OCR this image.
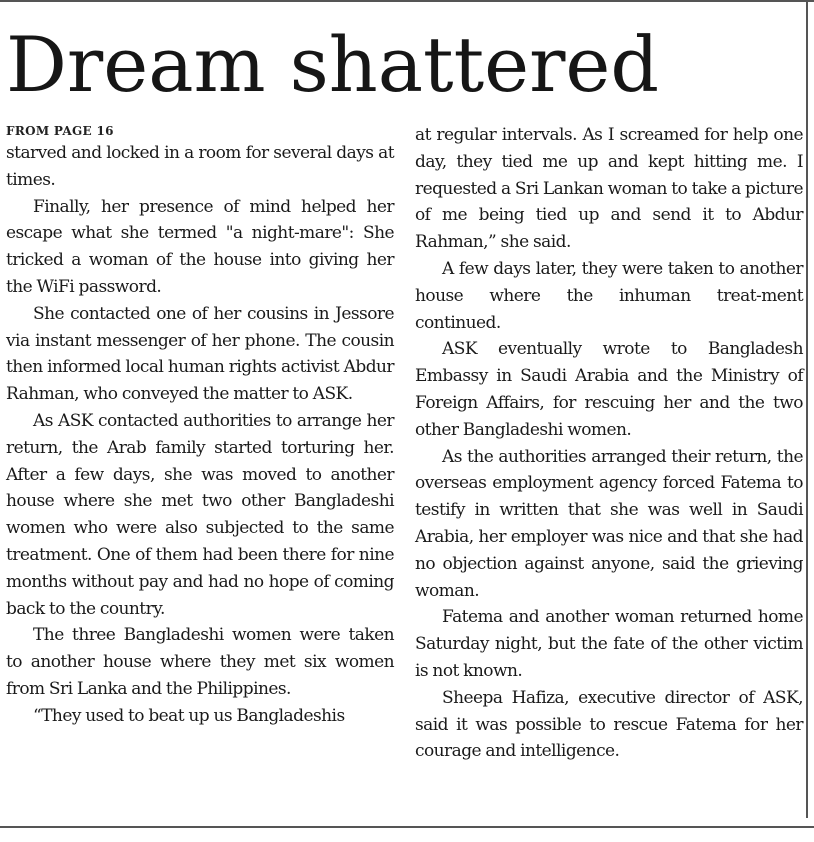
Dream shattered
FROM PAGE 16

starved and locked in a room for several days at times.

Finally, her presence of mind helped her escape what she termed "a night-mare": She tricked a woman of the house into giving her the WiFi password.

She contacted one of her cousins in Jessore via instant messenger of her phone. The cousin then informed local human rights activist Abdur Rahman, who conveyed the matter to ASK.

As ASK contacted authorities to arrange her return, the Arab family started torturing her. After a few days, she was moved to another house where she met two other Bangladeshi women who were also subjected to the same treatment. One of them had been there for nine months without pay and had no hope of coming back to the country.

The three Bangladeshi women were taken to another house where they met six women from Sri Lanka and the Philippines.

“They used to beat up us Bangladeshis

at regular intervals. As I screamed for help one day, they tied me up and kept hitting me. I requested a Sri Lankan woman to take a picture of me being tied up and send it to Abdur Rahman,” she said.

A few days later, they were taken to another house where the inhuman treat-ment continued.

ASK eventually wrote to Bangladesh Embassy in Saudi Arabia and the Ministry of Foreign Affairs, for rescuing her and the two other Bangladeshi women.

As the authorities arranged their return, the overseas employment agency forced Fatema to testify in written that she was well in Saudi Arabia, her employer was nice and that she had no objection against anyone, said the grieving woman.

Fatema and another woman returned home Saturday night, but the fate of the other victim is not known.

Sheepa Hafiza, executive director of ASK, said it was possible to rescue Fatema for her courage and intelligence.
